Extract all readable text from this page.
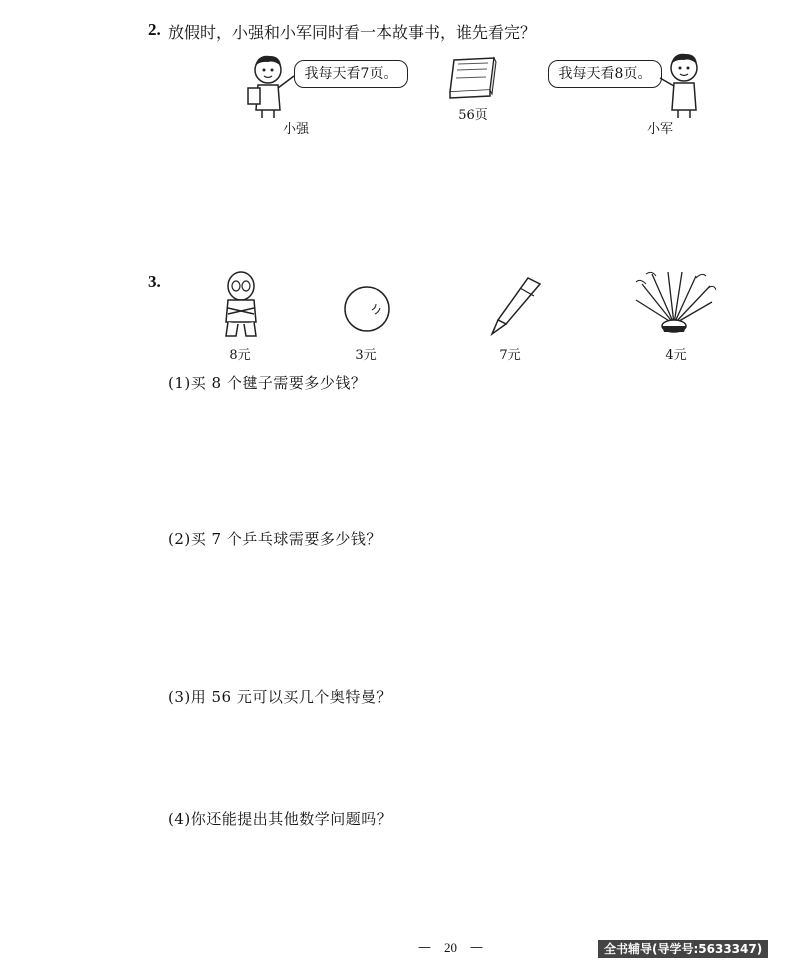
2. 放假时，小强和小军同时看一本故事书，谁先看完？
我每天看7页。
小强
56页
我每天看8页。
小军
3.
8元	3元	7元	4元
(1)买 8 个毽子需要多少钱？
(2)买 7 个乒乓球需要多少钱？
(3)用 56 元可以买几个奥特曼？
(4)你还能提出其他数学问题吗？
— 20 —	全书辅导(导学号:5633347)
